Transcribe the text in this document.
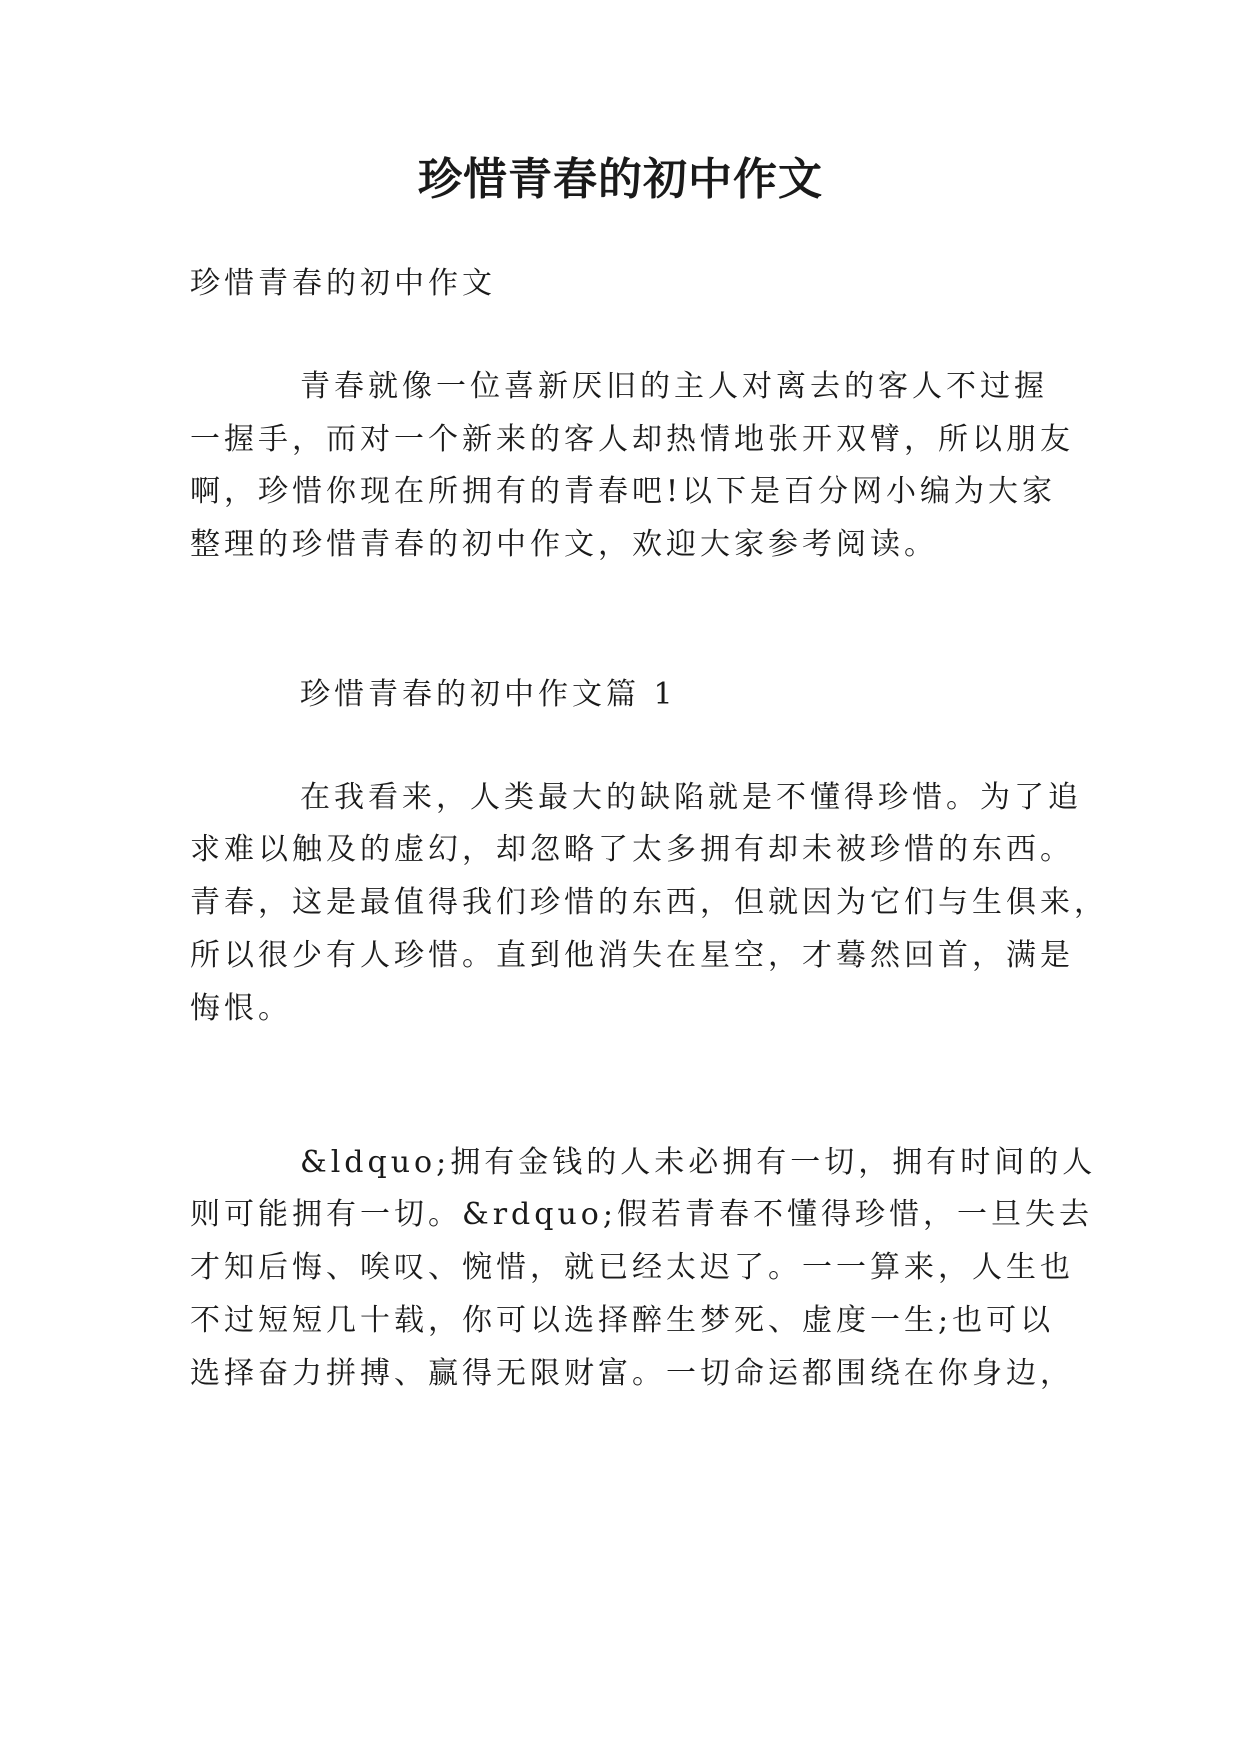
珍惜青春的初中作文
珍惜青春的初中作文
青春就像一位喜新厌旧的主人对离去的客人不过握
一握手，而对一个新来的客人却热情地张开双臂，所以朋友
啊，珍惜你现在所拥有的青春吧!以下是百分网小编为大家
整理的珍惜青春的初中作文，欢迎大家参考阅读。
珍惜青春的初中作文篇 1
在我看来，人类最大的缺陷就是不懂得珍惜。为了追
求难以触及的虚幻，却忽略了太多拥有却未被珍惜的东西。
青春，这是最值得我们珍惜的东西，但就因为它们与生俱来，
所以很少有人珍惜。直到他消失在星空，才蓦然回首，满是
悔恨。
&ldquo;拥有金钱的人未必拥有一切，拥有时间的人
则可能拥有一切。&rdquo;假若青春不懂得珍惜，一旦失去
才知后悔、唉叹、惋惜，就已经太迟了。一一算来，人生也
不过短短几十载，你可以选择醉生梦死、虚度一生;也可以
选择奋力拼搏、赢得无限财富。一切命运都围绕在你身边，
